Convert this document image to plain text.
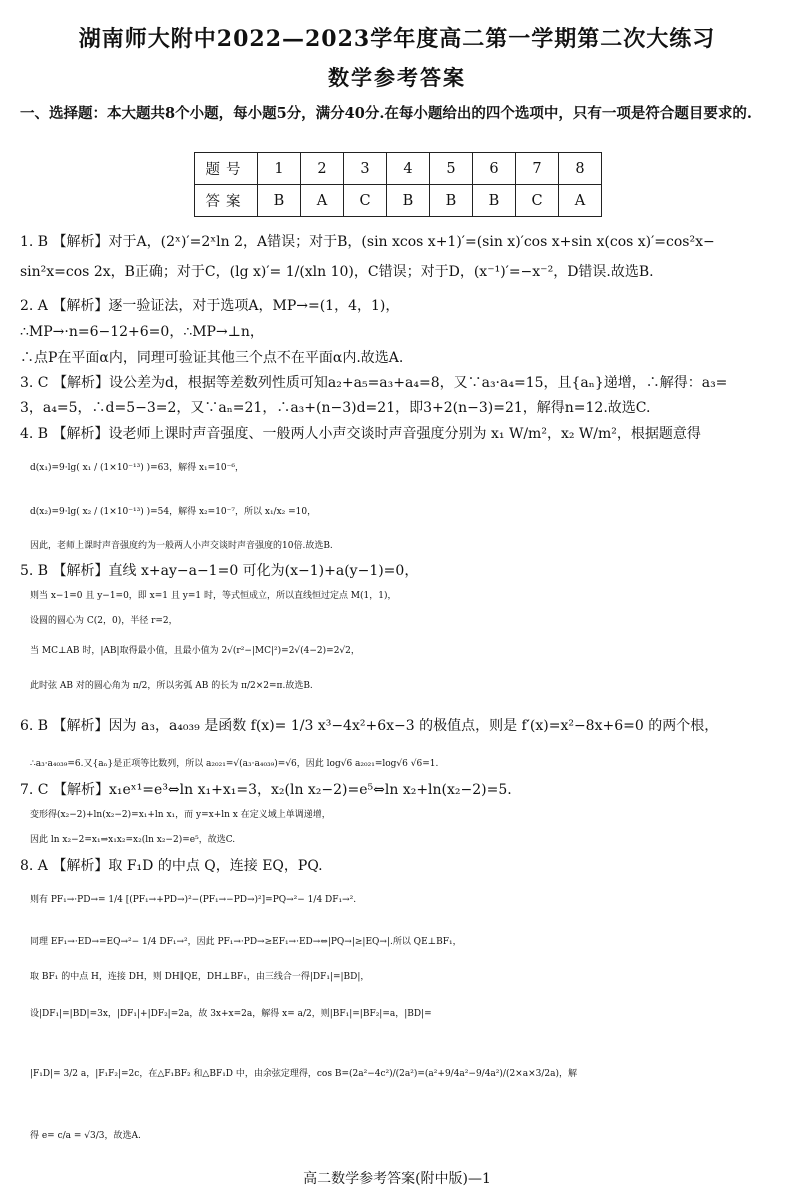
湖南师大附中2022—2023学年度高二第一学期第二次大练习
数学参考答案
一、选择题：本大题共8个小题，每小题5分，满分40分.在每小题给出的四个选项中，只有一项是符合题目要求的.
题号	1	2	3	4	5	6	7	8
答案	B	A	C	B	B	B	C	A
1. B 【解析】对于A，(2ˣ)′=2ˣln 2，A错误；对于B，(sin xcos x+1)′=(sin x)′cos x+sin x(cos x)′=cos²x−
sin²x=cos 2x，B正确；对于C，(lg x)′= 1/(xln 10)，C错误；对于D，(x⁻¹)′=−x⁻²，D错误.故选B.
2. A 【解析】逐一验证法，对于选项A，MP→=(1，4，1)，
∴MP→·n=6−12+6=0，∴MP→⊥n，
∴点P在平面α内，同理可验证其他三个点不在平面α内.故选A.
3. C 【解析】设公差为d，根据等差数列性质可知a₂+a₅=a₃+a₄=8，又∵a₃·a₄=15，且{aₙ}递增，∴解得：a₃=
3，a₄=5，∴d=5−3=2，又∵aₙ=21，∴a₃+(n−3)d=21，即3+2(n−3)=21，解得n=12.故选C.
4. B 【解析】设老师上课时声音强度、一般两人小声交谈时声音强度分别为 x₁ W/m²，x₂ W/m²，根据题意得
d(x₁)=9·lg( x₁ / (1×10⁻¹³) )=63，解得 x₁=10⁻⁶，
d(x₂)=9·lg( x₂ / (1×10⁻¹³) )=54，解得 x₂=10⁻⁷，所以 x₁/x₂ =10，
因此，老师上课时声音强度约为一般两人小声交谈时声音强度的10倍.故选B.
5. B 【解析】直线 x+ay−a−1=0 可化为(x−1)+a(y−1)=0，
则当 x−1=0 且 y−1=0，即 x=1 且 y=1 时，等式恒成立，所以直线恒过定点 M(1，1)，
设圆的圆心为 C(2，0)，半径 r=2，
当 MC⊥AB 时，|AB|取得最小值，且最小值为 2√(r²−|MC|²)=2√(4−2)=2√2，
此时弦 AB 对的圆心角为 π/2，所以劣弧 AB 的长为 π/2×2=π.故选B.
6. B 【解析】因为 a₃，a₄₀₃₉ 是函数 f(x)= 1/3 x³−4x²+6x−3 的极值点，则是 f′(x)=x²−8x+6=0 的两个根，
∴a₃·a₄₀₃₉=6.又{aₙ}是正项等比数列，所以 a₂₀₂₁=√(a₃·a₄₀₃₉)=√6，因此 log√6 a₂₀₂₁=log√6 √6=1.
7. C 【解析】x₁eˣ¹=e³⇔ln x₁+x₁=3，x₂(ln x₂−2)=e⁵⇔ln x₂+ln(x₂−2)=5.
变形得(x₂−2)+ln(x₂−2)=x₁+ln x₁，而 y=x+ln x 在定义域上单调递增，
因此 ln x₂−2=x₁⇒x₁x₂=x₂(ln x₂−2)=e⁵，故选C.
8. A 【解析】取 F₁D 的中点 Q，连接 EQ，PQ.
则有 PF₁→·PD→= 1/4 [(PF₁→+PD→)²−(PF₁→−PD→)²]=PQ→²− 1/4 DF₁→².
同理 EF₁→·ED→=EQ→²− 1/4 DF₁→²，因此 PF₁→·PD→≥EF₁→·ED→⇔|PQ→|≥|EQ→|.所以 QE⊥BF₁，
取 BF₁ 的中点 H，连接 DH，则 DH∥QE，DH⊥BF₁，由三线合一得|DF₁|=|BD|，
设|DF₁|=|BD|=3x，|DF₁|+|DF₂|=2a，故 3x+x=2a，解得 x= a/2，则|BF₁|=|BF₂|=a，|BD|=
|F₁D|= 3/2 a，|F₁F₂|=2c，在△F₁BF₂ 和△BF₁D 中，由余弦定理得，cos B=(2a²−4c²)/(2a²)=(a²+9/4a²−9/4a²)/(2×a×3/2a)，解
得 e= c/a = √3/3，故选A.
高二数学参考答案(附中版)—1
